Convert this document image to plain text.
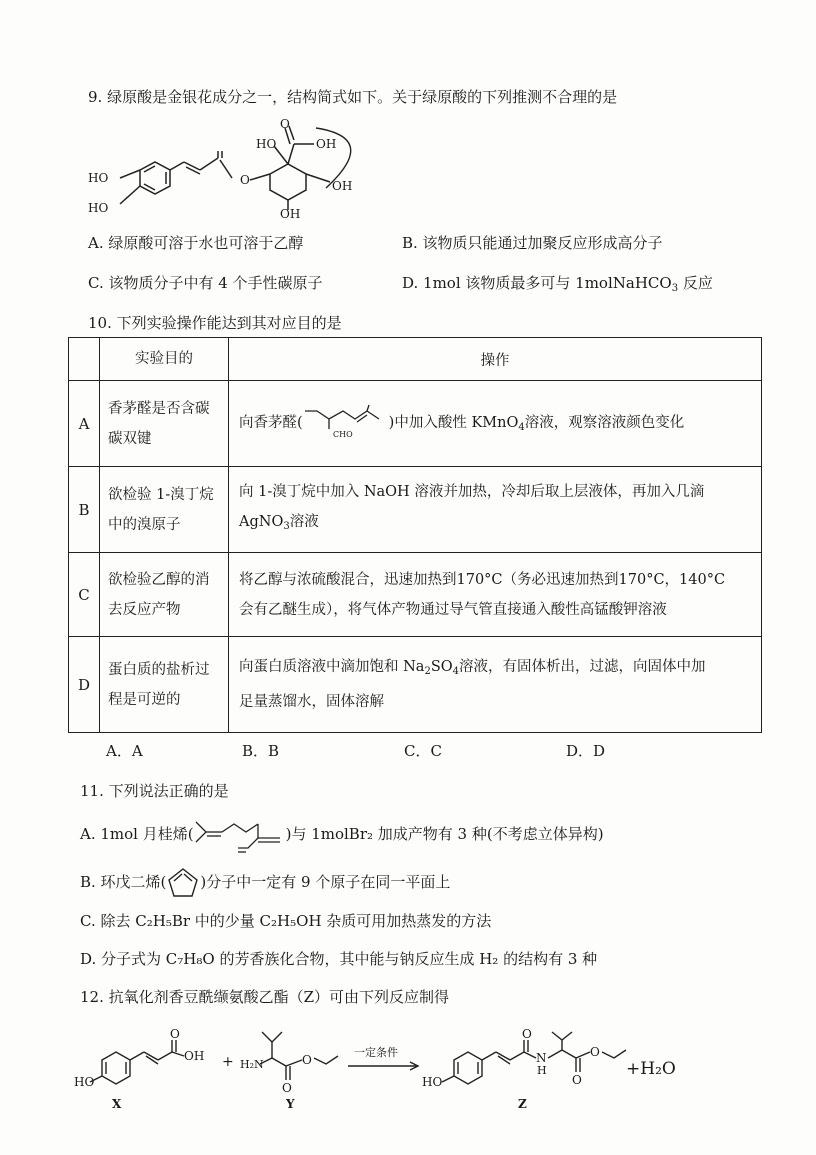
9. 绿原酸是金银花成分之一，结构简式如下。关于绿原酸的下列推测不合理的是
HO
HO
O
O
HO	OH
OH
OH
A. 绿原酸可溶于水也可溶于乙醇	B. 该物质只能通过加聚反应形成高分子
C. 该物质分子中有 4 个手性碳原子	D. 1mol 该物质最多可与 1molNaHCO$_3$ 反应
10. 下列实验操作能达到其对应目的是
	实验目的	操作
A	香茅醛是否含碳碳双键	向香茅醛(
CHO
)中加入酸性 KMnO$_4$溶液，观察溶液颜色变化
B	欲检验 1-溴丁烷中的溴原子	向 1-溴丁烷中加入 NaOH 溶液并加热，冷却后取上层液体，再加入几滴
AgNO$_3$溶液

C	欲检验乙醇的消去反应产物	将乙醇与浓硫酸混合，迅速加热到170°C（务必迅速加热到170°C，140°C
会有乙醚生成），将气体产物通过导气管直接通入酸性高锰酸钾溶液

D	蛋白质的盐析过程是可逆的	向蛋白质溶液中滴加饱和 $Na_2SO_4$溶液，有固体析出，过滤，向固体中加
足量蒸馏水，固体溶解
A．A	B．B	C．C	D．D
11. 下列说法正确的是
A. 1mol 月桂烯(	)与 1molBr₂ 加成产物有 3 种(不考虑立体异构)
B. 环戊二烯( )分子中一定有 9 个原子在同一平面上
C. 除去 C₂H₅Br 中的少量 C₂H₅OH 杂质可用加热蒸发的方法
D. 分子式为 C₇H₈O 的芳香族化合物，其中能与钠反应生成 H₂ 的结构有 3 种
12. 抗氧化剂香豆酰缬氨酸乙酯（Z）可由下列反应制得
HO
O
OH
X
+ H₂N
O
O
Y
一定条件
HO
O
N
H
O
O
Z
+H₂O
